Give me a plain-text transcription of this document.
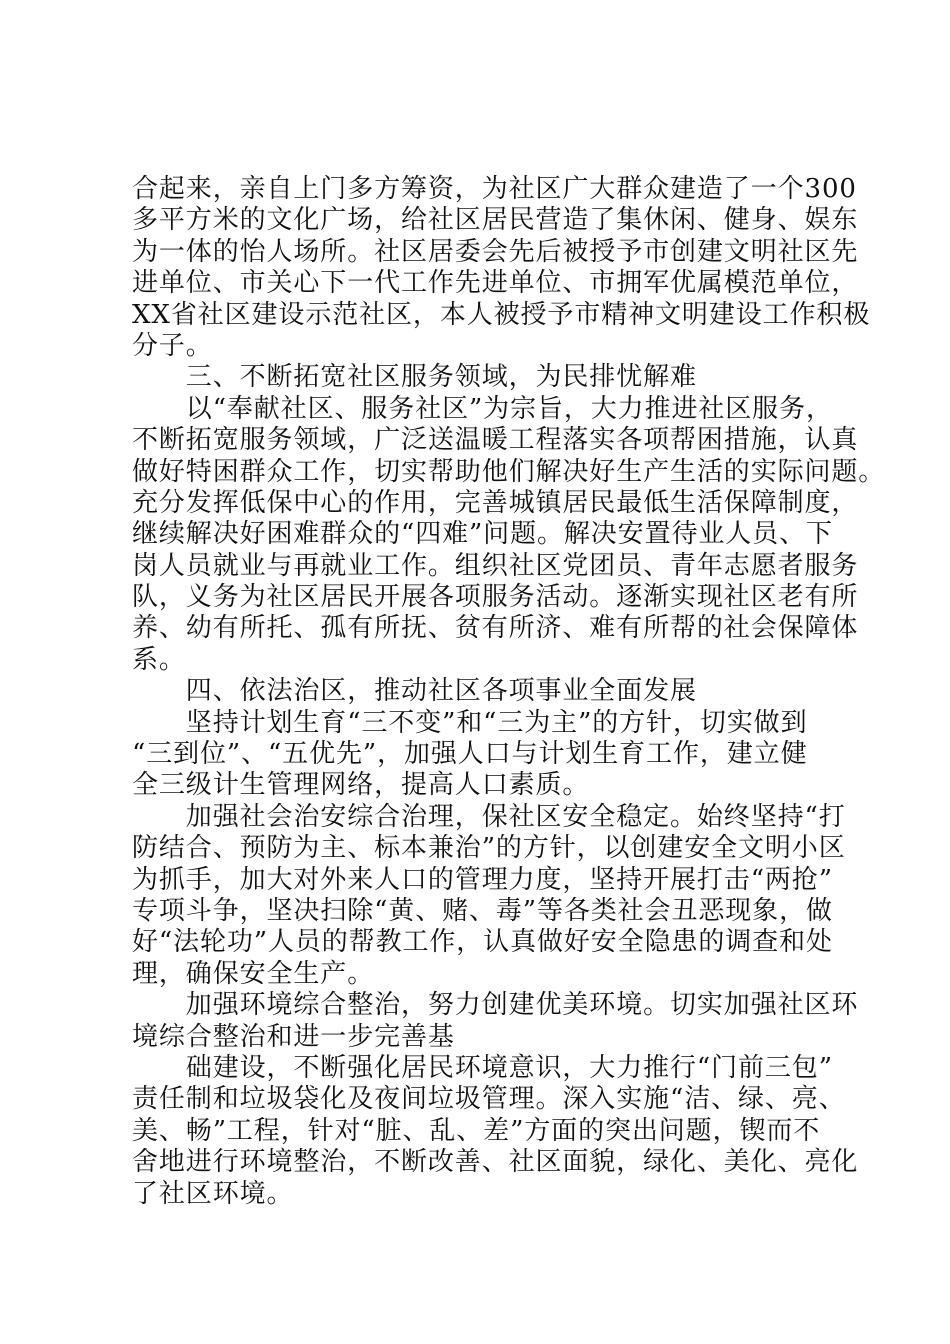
合起来，亲自上门多方筹资，为社区广大群众建造了一个300
多平方米的文化广场，给社区居民营造了集休闲、健身、娱东
为一体的怡人场所。社区居委会先后被授予市创建文明社区先
进单位、市关心下一代工作先进单位、市拥军优属模范单位，
XX省社区建设示范社区，本人被授予市精神文明建设工作积极
分子。
　　三、不断拓宽社区服务领域，为民排忧解难
　　以“奉献社区、服务社区”为宗旨，大力推进社区服务，
不断拓宽服务领域，广泛送温暖工程落实各项帮困措施，认真
做好特困群众工作，切实帮助他们解决好生产生活的实际问题。
充分发挥低保中心的作用，完善城镇居民最低生活保障制度，
继续解决好困难群众的“四难”问题。解决安置待业人员、下
岗人员就业与再就业工作。组织社区党团员、青年志愿者服务
队，义务为社区居民开展各项服务活动。逐渐实现社区老有所
养、幼有所托、孤有所抚、贫有所济、难有所帮的社会保障体
系。
　　四、依法治区，推动社区各项事业全面发展
　　坚持计划生育“三不变”和“三为主”的方针，切实做到
“三到位”、“五优先”，加强人口与计划生育工作，建立健
全三级计生管理网络，提高人口素质。
　　加强社会治安综合治理，保社区安全稳定。始终坚持“打
防结合、预防为主、标本兼治”的方针，以创建安全文明小区
为抓手，加大对外来人口的管理力度，坚持开展打击“两抢”
专项斗争，坚决扫除“黄、赌、毒”等各类社会丑恶现象，做
好“法轮功”人员的帮教工作，认真做好安全隐患的调查和处
理，确保安全生产。
　　加强环境综合整治，努力创建优美环境。切实加强社区环
境综合整治和进一步完善基
　　础建设，不断强化居民环境意识，大力推行“门前三包”
责任制和垃圾袋化及夜间垃圾管理。深入实施“洁、绿、亮、
美、畅”工程，针对“脏、乱、差”方面的突出问题，锲而不
舍地进行环境整治，不断改善、社区面貌，绿化、美化、亮化
了社区环境。
